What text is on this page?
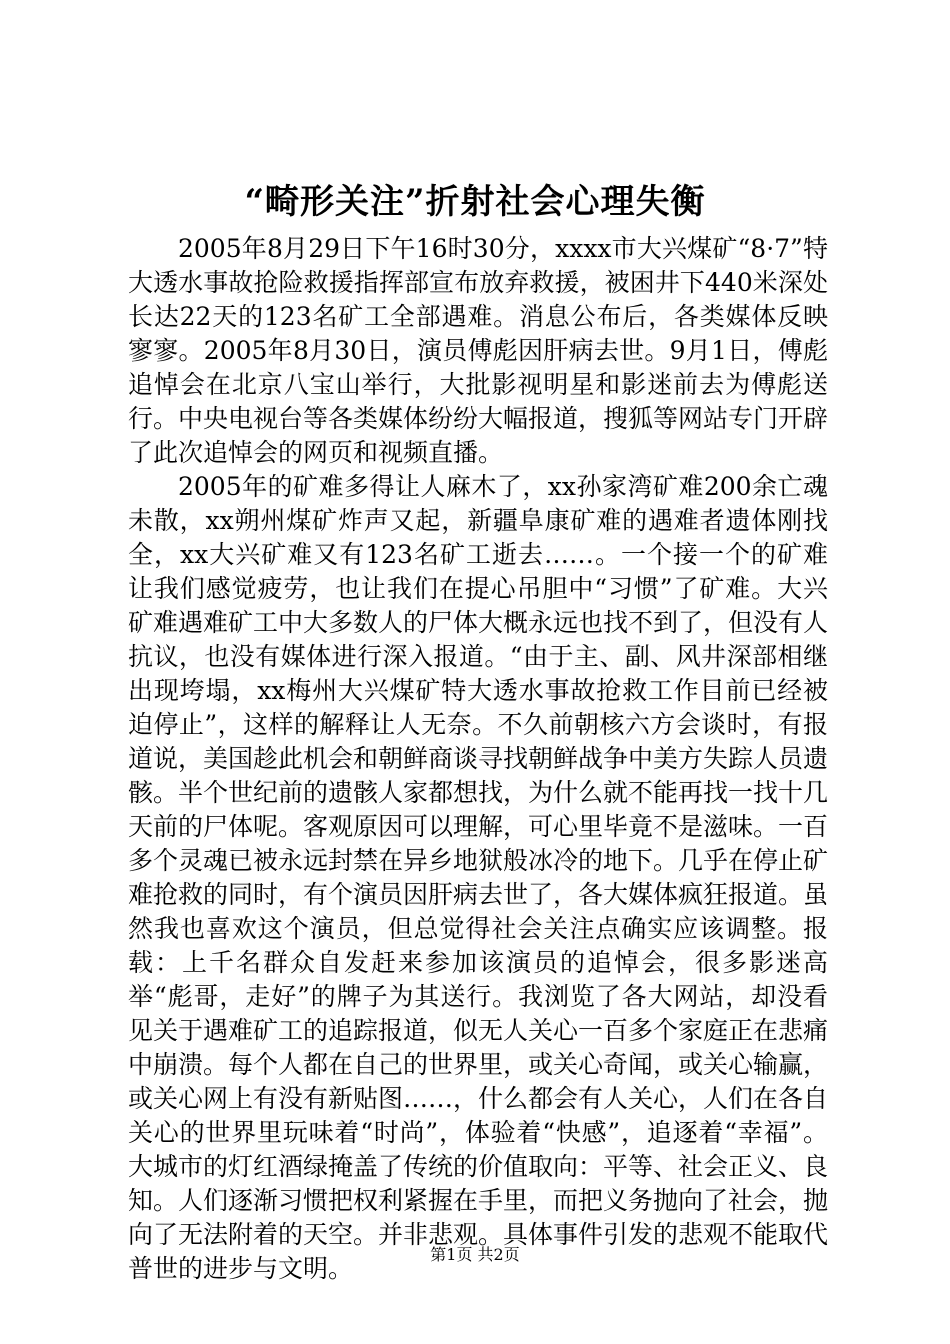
“畸形关注”折射社会心理失衡

2005年8月29日下午16时30分，xxxx市大兴煤矿“8·7”特大透水事故抢险救援指挥部宣布放弃救援，被困井下440米深处长达22天的123名矿工全部遇难。消息公布后，各类媒体反映寥寥。2005年8月30日，演员傅彪因肝病去世。9月1日，傅彪追悼会在北京八宝山举行，大批影视明星和影迷前去为傅彪送行。中央电视台等各类媒体纷纷大幅报道，搜狐等网站专门开辟了此次追悼会的网页和视频直播。

2005年的矿难多得让人麻木了，xx孙家湾矿难200余亡魂未散，xx朔州煤矿炸声又起，新疆阜康矿难的遇难者遗体刚找全，xx大兴矿难又有123名矿工逝去……。一个接一个的矿难让我们感觉疲劳，也让我们在提心吊胆中“习惯”了矿难。大兴矿难遇难矿工中大多数人的尸体大概永远也找不到了，但没有人抗议，也没有媒体进行深入报道。“由于主、副、风井深部相继出现垮塌，xx梅州大兴煤矿特大透水事故抢救工作目前已经被迫停止”，这样的解释让人无奈。不久前朝核六方会谈时，有报道说，美国趁此机会和朝鲜商谈寻找朝鲜战争中美方失踪人员遗骸。半个世纪前的遗骸人家都想找，为什么就不能再找一找十几天前的尸体呢。客观原因可以理解，可心里毕竟不是滋味。一百多个灵魂已被永远封禁在异乡地狱般冰冷的地下。几乎在停止矿难抢救的同时，有个演员因肝病去世了，各大媒体疯狂报道。虽然我也喜欢这个演员，但总觉得社会关注点确实应该调整。报载：上千名群众自发赶来参加该演员的追悼会，很多影迷高举“彪哥，走好”的牌子为其送行。我浏览了各大网站，却没看见关于遇难矿工的追踪报道，似无人关心一百多个家庭正在悲痛中崩溃。每个人都在自己的世界里，或关心奇闻，或关心输赢，或关心网上有没有新贴图……，什么都会有人关心，人们在各自关心的世界里玩味着“时尚”，体验着“快感”，追逐着“幸福”。大城市的灯红酒绿掩盖了传统的价值取向：平等、社会正义、良知。人们逐渐习惯把权利紧握在手里，而把义务抛向了社会，抛向了无法附着的天空。并非悲观。具体事件引发的悲观不能取代普世的进步与文明。	第1页 共2页
